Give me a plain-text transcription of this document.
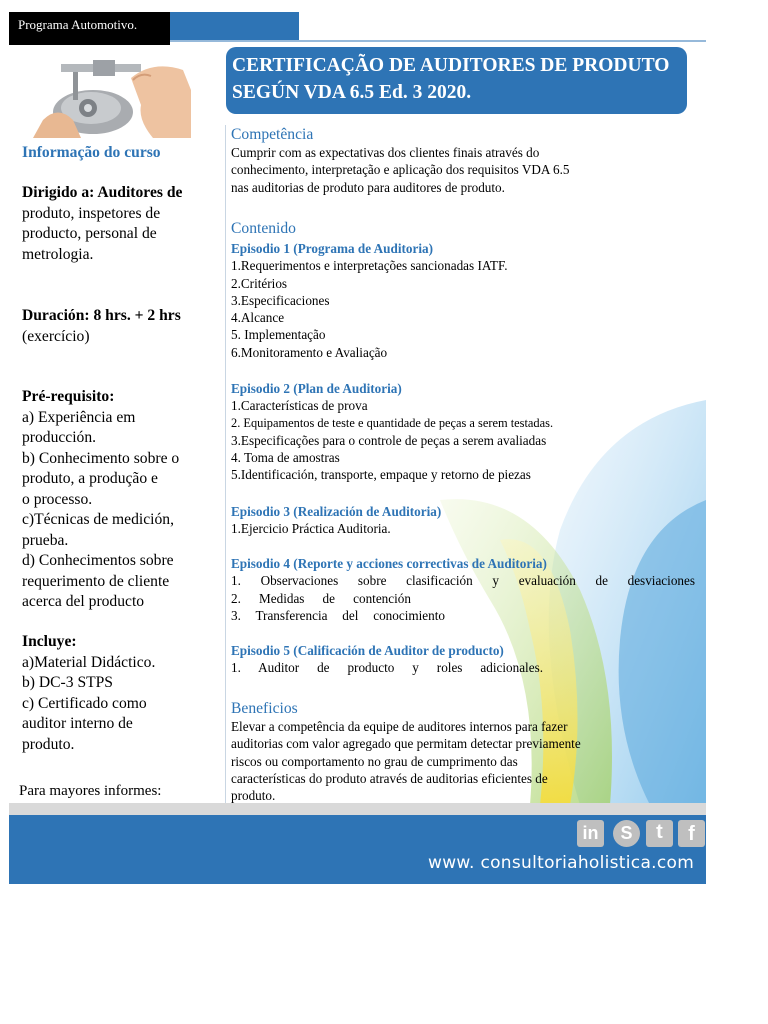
Programa Automotivo.
CERTIFICAÇÃO DE AUDITORES DE PRODUTO
SEGÚN VDA 6.5 Ed. 3 2020.

Informação do curso

Dirigido a: Auditores de

produto, inspetores de

producto, personal de

metrologia.

Duración: 8 hrs. + 2 hrs

(exercício)

Pré-requisito:

a) Experiência em

producción.

b) Conhecimento sobre o

produto, a produção e

o processo.

c)Técnicas de medición,

prueba.

d) Conhecimentos sobre

requerimento de cliente

acerca del producto

Incluye:

a)Material Didáctico.

b) DC-3 STPS

c) Certificado como

auditor interno de

produto.

Para mayores informes:

Competência
Cumprir com as expectativas dos clientes finais através do
conhecimento, interpretação e aplicação dos requisitos VDA 6.5
nas auditorias de produto para auditores de produto.
Contenido
Episodio 1 (Programa de Auditoria)
1.Requerimentos e interpretações sancionadas IATF.
2.Critérios
3.Especificaciones
4.Alcance
5. Implementação
6.Monitoramento e Avaliação
Episodio 2 (Plan de Auditoria)
1.Características de prova
2. Equipamentos de teste e quantidade de peças a serem testadas.
3.Especificações para o controle de peças a serem avaliadas
4. Toma de amostras
5.Identificación, transporte, empaque y retorno de piezas
Episodio 3 (Realización de Auditoria)
1.Ejercicio Práctica Auditoria.
Episodio 4 (Reporte y acciones correctivas de Auditoria)
1. Observaciones sobre clasificación y evaluación de desviaciones
2. Medidas de contención
3. Transferencia del conocimiento
Episodio 5 (Calificación de Auditor de producto)
1. Auditor de producto y roles adicionales.
Beneficios
Elevar a competência da equipe de auditores internos para fazer
auditorias com valor agregado que permitam detectar previamente
riscos ou comportamento no grau de cumprimento das
características do produto através de auditorias eficientes de
produto.
in	S	t	f
www. consultoriaholistica.com
